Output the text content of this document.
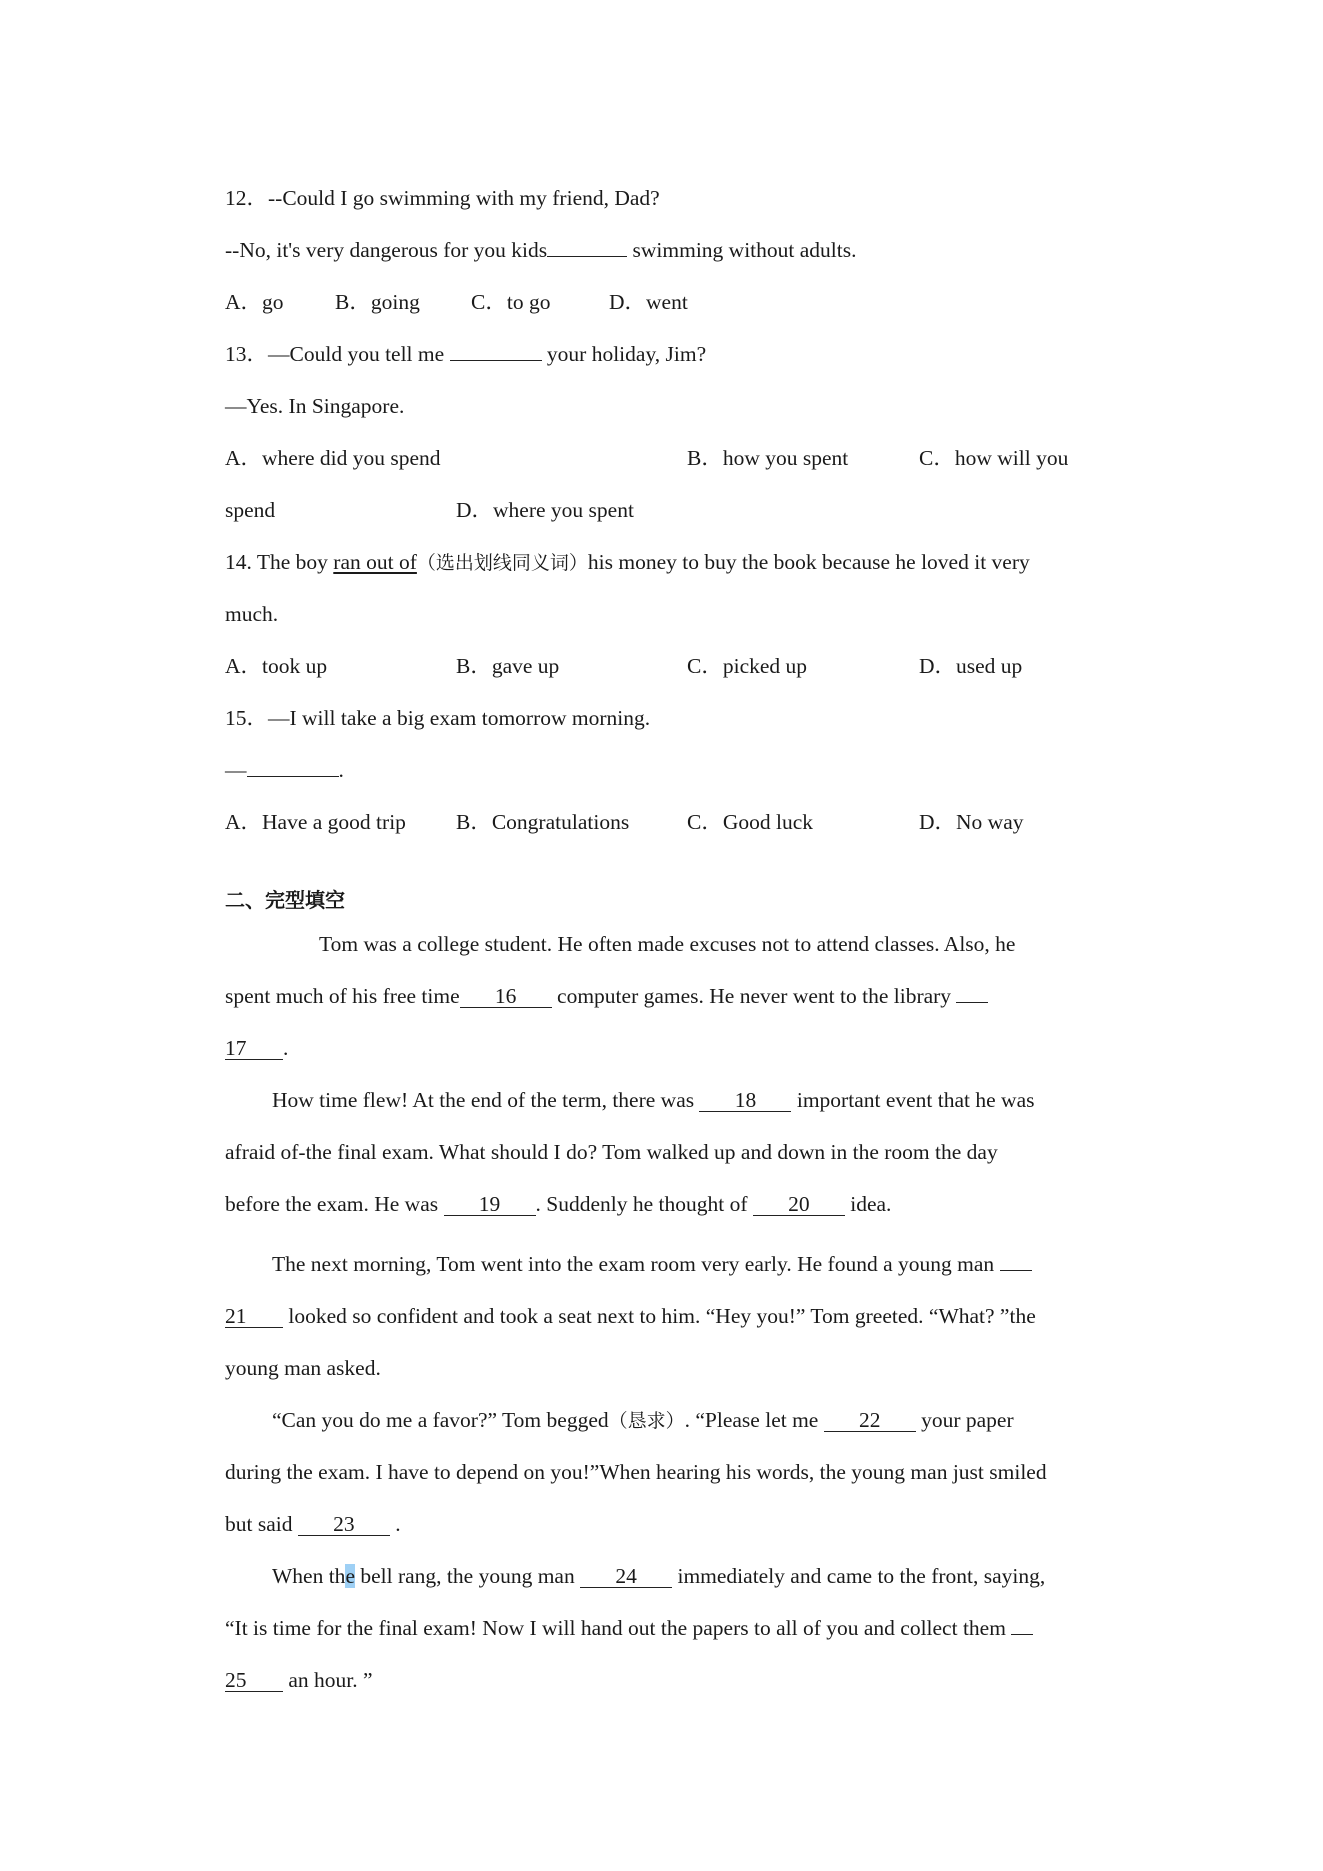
12．--Could I go swimming with my friend, Dad?
--No, it's very dangerous for you kids	swimming without adults.
A．go B．going C．to go	D．went
13．—Could you tell me	your holiday, Jim?
—Yes. In Singapore.
A．where did you spend	B．how you spent	C．how will you
spend	D．where you spent
14. The boy ran out of（选出划线同义词）his money to buy the book because he loved it very
much.
A．took up	B．gave up	C．picked up	D．used up
15．—I will take a big exam tomorrow morning.
—	.
A．Have a good trip B．Congratulations	C．Good luck	D．No way
二、完型填空
Tom was a college student. He often made excuses not to attend classes. Also, he
spent much of his free time 16 computer games. He never went to the library
17 .
How time flew! At the end of the term, there was 18 important event that he was
afraid of-the final exam. What should I do? Tom walked up and down in the room the day
before the exam. He was 19 . Suddenly he thought of 20 idea.
The next morning, Tom went into the exam room very early. He found a young man
21 looked so confident and took a seat next to him. “Hey you!” Tom greeted. “What? ”the
young man asked.
“Can you do me a favor?” Tom begged（恳求）. “Please let me 22 your paper
during the exam. I have to depend on you!”When hearing his words, the young man just smiled
but said 23 .
When the bell rang, the young man 24 immediately and came to the front, saying,
“It is time for the final exam! Now I will hand out the papers to all of you and collect them
25 an hour. ”
